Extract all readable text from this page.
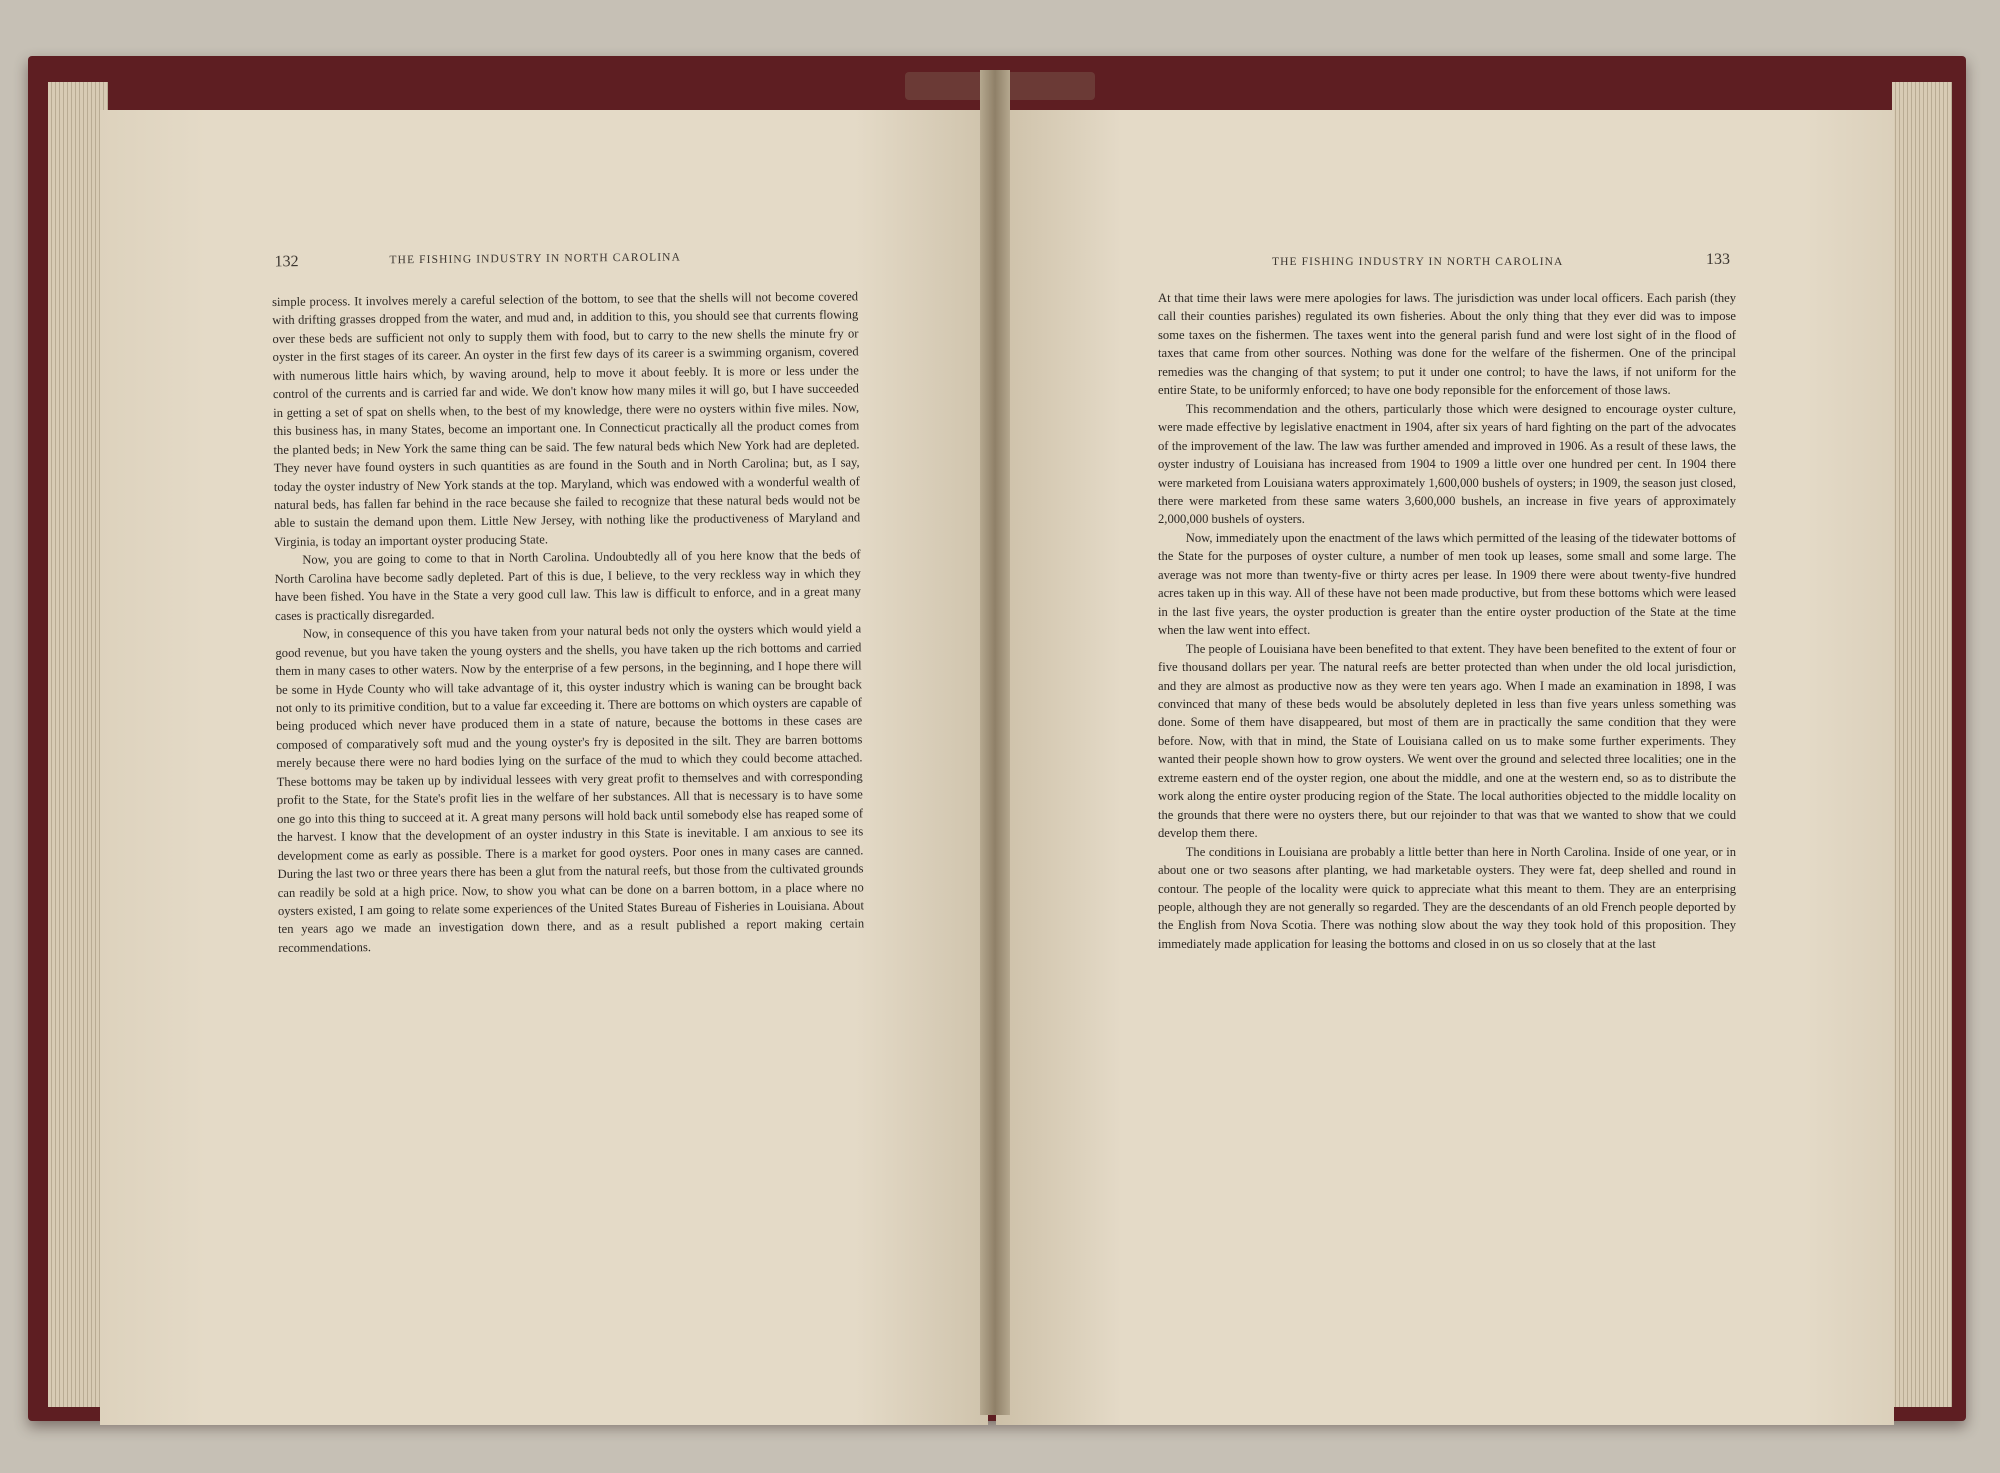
132	THE FISHING INDUSTRY IN NORTH CAROLINA	THE FISHING INDUSTRY IN NORTH CAROLINA	133

simple process. It involves merely a careful selection of the bottom, to see that the shells will not become covered with drifting grasses dropped from the water, and mud and, in addition to this, you should see that currents flowing over these beds are sufficient not only to supply them with food, but to carry to the new shells the minute fry or oyster in the first stages of its career. An oyster in the first few days of its career is a swimming organism, covered with numerous little hairs which, by waving around, help to move it about feebly. It is more or less under the control of the currents and is carried far and wide. We don't know how many miles it will go, but I have succeeded in getting a set of spat on shells when, to the best of my knowledge, there were no oysters within five miles. Now, this business has, in many States, become an important one. In Connecticut practically all the product comes from the planted beds; in New York the same thing can be said. The few natural beds which New York had are depleted. They never have found oysters in such quantities as are found in the South and in North Carolina; but, as I say, today the oyster industry of New York stands at the top. Maryland, which was endowed with a wonderful wealth of natural beds, has fallen far behind in the race because she failed to recognize that these natural beds would not be able to sustain the demand upon them. Little New Jersey, with nothing like the productiveness of Maryland and Virginia, is today an important oyster producing State.

Now, you are going to come to that in North Carolina. Undoubtedly all of you here know that the beds of North Carolina have become sadly depleted. Part of this is due, I believe, to the very reckless way in which they have been fished. You have in the State a very good cull law. This law is difficult to enforce, and in a great many cases is practically disregarded.

Now, in consequence of this you have taken from your natural beds not only the oysters which would yield a good revenue, but you have taken the young oysters and the shells, you have taken up the rich bottoms and carried them in many cases to other waters. Now by the enterprise of a few persons, in the beginning, and I hope there will be some in Hyde County who will take advantage of it, this oyster industry which is waning can be brought back not only to its primitive condition, but to a value far exceeding it. There are bottoms on which oysters are capable of being produced which never have produced them in a state of nature, because the bottoms in these cases are composed of comparatively soft mud and the young oyster's fry is deposited in the silt. They are barren bottoms merely because there were no hard bodies lying on the surface of the mud to which they could become attached. These bottoms may be taken up by individual lessees with very great profit to themselves and with corresponding profit to the State, for the State's profit lies in the welfare of her substances. All that is necessary is to have some one go into this thing to succeed at it. A great many persons will hold back until somebody else has reaped some of the harvest. I know that the development of an oyster industry in this State is inevitable. I am anxious to see its development come as early as possible. There is a market for good oysters. Poor ones in many cases are canned. During the last two or three years there has been a glut from the natural reefs, but those from the cultivated grounds can readily be sold at a high price. Now, to show you what can be done on a barren bottom, in a place where no oysters existed, I am going to relate some experiences of the United States Bureau of Fisheries in Louisiana. About ten years ago we made an investigation down there, and as a result published a report making certain recommendations.

At that time their laws were mere apologies for laws. The jurisdiction was under local officers. Each parish (they call their counties parishes) regulated its own fisheries. About the only thing that they ever did was to impose some taxes on the fishermen. The taxes went into the general parish fund and were lost sight of in the flood of taxes that came from other sources. Nothing was done for the welfare of the fishermen. One of the principal remedies was the changing of that system; to put it under one control; to have the laws, if not uniform for the entire State, to be uniformly enforced; to have one body reponsible for the enforcement of those laws.

This recommendation and the others, particularly those which were designed to encourage oyster culture, were made effective by legislative enactment in 1904, after six years of hard fighting on the part of the advocates of the improvement of the law. The law was further amended and improved in 1906. As a result of these laws, the oyster industry of Louisiana has increased from 1904 to 1909 a little over one hundred per cent. In 1904 there were marketed from Louisiana waters approximately 1,600,000 bushels of oysters; in 1909, the season just closed, there were marketed from these same waters 3,600,000 bushels, an increase in five years of approximately 2,000,000 bushels of oysters.

Now, immediately upon the enactment of the laws which permitted of the leasing of the tidewater bottoms of the State for the purposes of oyster culture, a number of men took up leases, some small and some large. The average was not more than twenty-five or thirty acres per lease. In 1909 there were about twenty-five hundred acres taken up in this way. All of these have not been made productive, but from these bottoms which were leased in the last five years, the oyster production is greater than the entire oyster production of the State at the time when the law went into effect.

The people of Louisiana have been benefited to that extent. They have been benefited to the extent of four or five thousand dollars per year. The natural reefs are better protected than when under the old local jurisdiction, and they are almost as productive now as they were ten years ago. When I made an examination in 1898, I was convinced that many of these beds would be absolutely depleted in less than five years unless something was done. Some of them have disappeared, but most of them are in practically the same condition that they were before. Now, with that in mind, the State of Louisiana called on us to make some further experiments. They wanted their people shown how to grow oysters. We went over the ground and selected three localities; one in the extreme eastern end of the oyster region, one about the middle, and one at the western end, so as to distribute the work along the entire oyster producing region of the State. The local authorities objected to the middle locality on the grounds that there were no oysters there, but our rejoinder to that was that we wanted to show that we could develop them there.

The conditions in Louisiana are probably a little better than here in North Carolina. Inside of one year, or in about one or two seasons after planting, we had marketable oysters. They were fat, deep shelled and round in contour. The people of the locality were quick to appreciate what this meant to them. They are an enterprising people, although they are not generally so regarded. They are the descendants of an old French people deported by the English from Nova Scotia. There was nothing slow about the way they took hold of this proposition. They immediately made application for leasing the bottoms and closed in on us so closely that at the last
